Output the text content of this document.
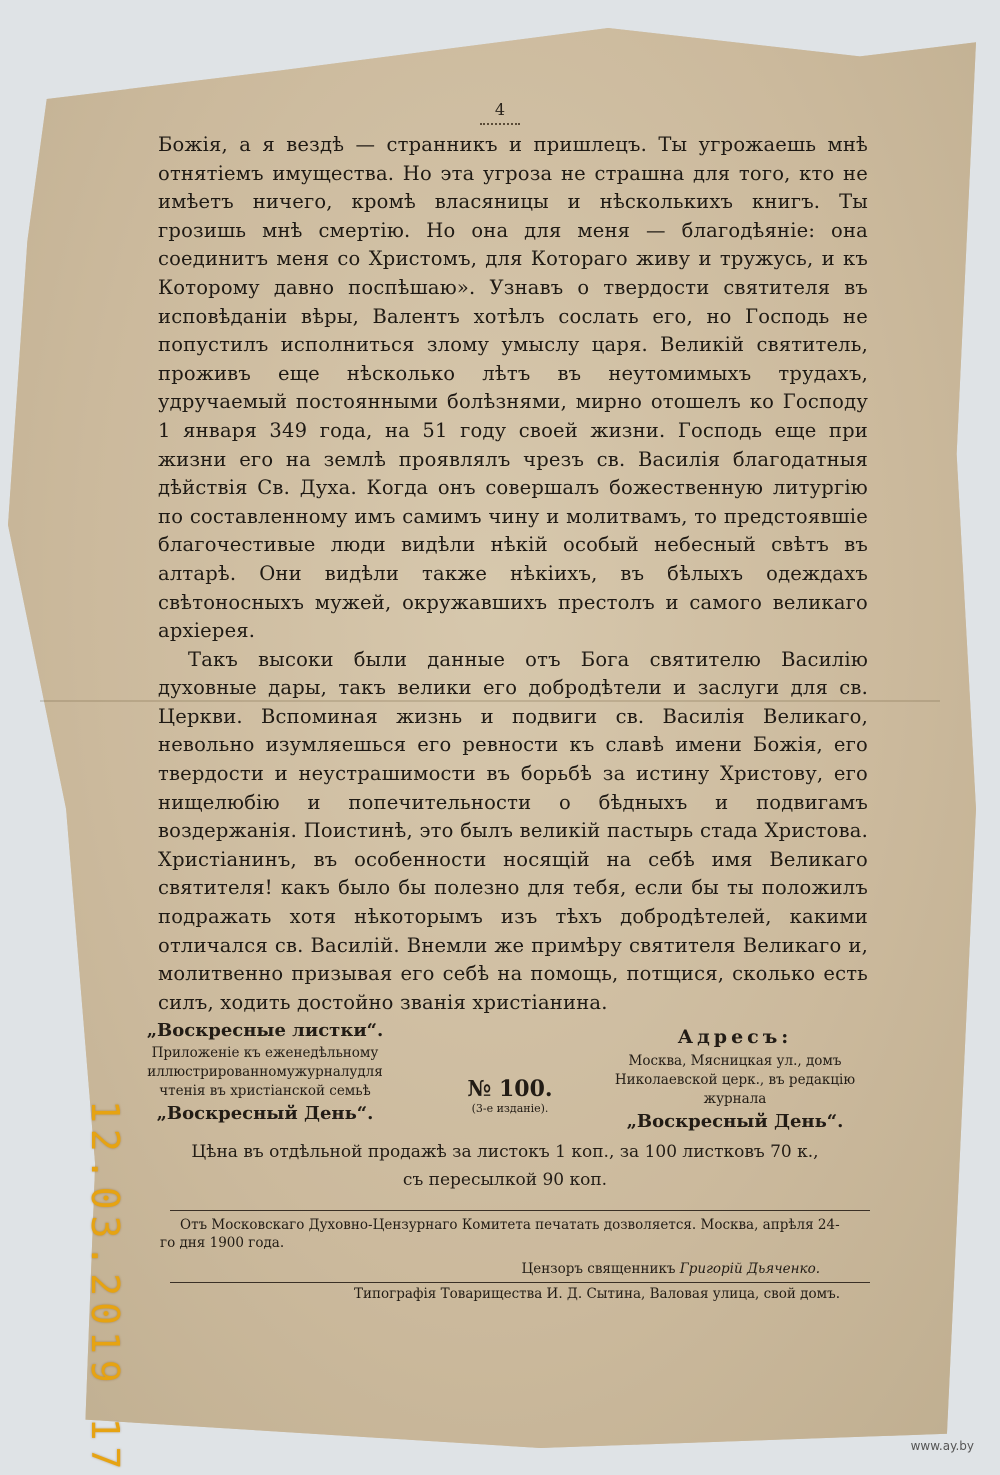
4

Божія, а я вездѣ — странникъ и пришлецъ. Ты угрожаешь мнѣ отнятіемъ имущества. Но эта угроза не страшна для того, кто не имѣетъ ничего, кромѣ власяницы и нѣсколькихъ книгъ. Ты грозишь мнѣ смертію. Но она для меня — благодѣяніе: она соединитъ меня со Христомъ, для Котораго живу и тружусь, и къ Которому давно поспѣшаю». Узнавъ о твердости святителя въ исповѣданіи вѣры, Валентъ хотѣлъ сослать его, но Господь не попустилъ исполниться злому умыслу царя. Великій святитель, проживъ еще нѣсколько лѣтъ въ неутомимыхъ трудахъ, удручаемый постоянными болѣзнями, мирно отошелъ ко Господу 1 января 349 года, на 51 году своей жизни. Господь еще при жизни его на землѣ проявлялъ чрезъ св. Василія благодатныя дѣйствія Св. Духа. Когда онъ совершалъ божественную литургію по составленному имъ самимъ чину и молитвамъ, то предстоявшіе благочестивые люди видѣли нѣкій особый небесный свѣтъ въ алтарѣ. Они видѣли также нѣкіихъ, въ бѣлыхъ одеждахъ свѣтоносныхъ мужей, окружавшихъ престолъ и самого великаго архіерея.

Такъ высоки были данные отъ Бога святителю Василію духовные дары, такъ велики его добродѣтели и заслуги для св. Церкви. Вспоминая жизнь и подвиги св. Василія Великаго, невольно изумляешься его ревности къ славѣ имени Божія, его твердости и неустрашимости въ борьбѣ за истину Христову, его нищелюбію и попечительности о бѣдныхъ и подвигамъ воздержанія. Поистинѣ, это былъ великій пастырь стада Христова. Христіанинъ, въ особенности носящій на себѣ имя Великаго святителя! какъ было бы полезно для тебя, если бы ты положилъ подражать хотя нѣкоторымъ изъ тѣхъ добродѣтелей, какими отличался св. Василій. Внемли же примѣру святителя Великаго и, молитвенно призывая его себѣ на помощь, потщися, сколько есть силъ, ходить достойно званія христіанина.

„Воскресные листки“.
Приложеніе къ еженедѣльному иллюстрированномужурналудля чтенія въ христіанской семьѣ
„Воскресный День“.
№ 100.
(3-е изданіе).
Адресъ:
Москва, Мясницкая ул., домъ Николаевской церк., въ редакцію журнала
„Воскресный День“.
Цѣна въ отдѣльной продажѣ за листокъ 1 коп., за 100 листковъ 70 к.,
съ пересылкой 90 коп.
Отъ Московскаго Духовно-Цензурнаго Комитета печатать дозволяется. Москва, апрѣля 24-го дня 1900 года.
Цензоръ священникъ Григорій Дьяченко.
Типографія Товарищества И. Д. Сытина, Валовая улица, свой домъ.
12.03.2019 17	www.ay.by
